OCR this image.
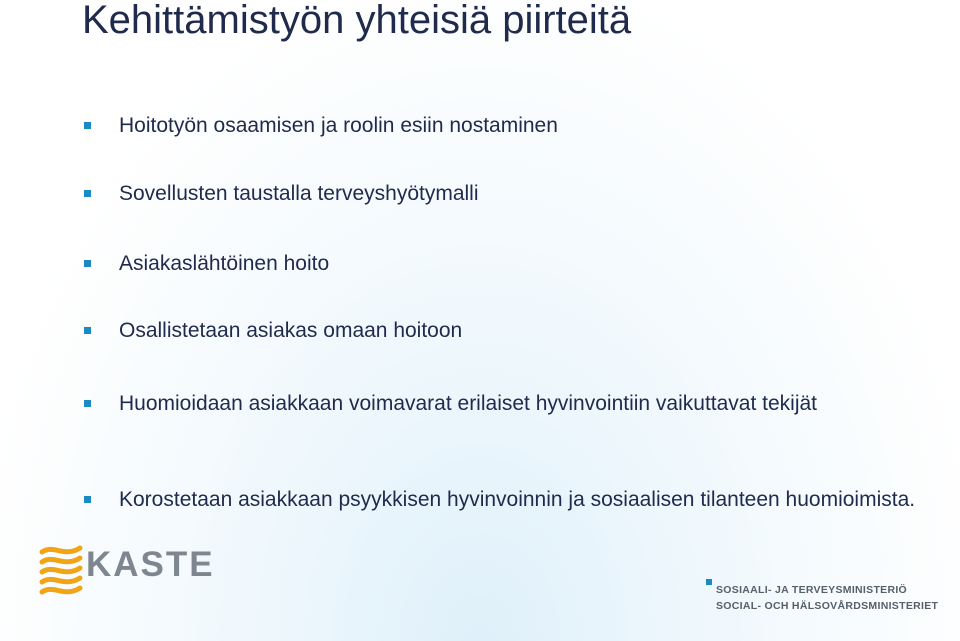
Kehittämistyön yhteisiä piirteitä
Hoitotyön osaamisen ja roolin esiin nostaminen
Sovellusten taustalla terveyshyötymalli
Asiakaslähtöinen hoito
Osallistetaan asiakas omaan hoitoon
Huomioidaan asiakkaan voimavarat erilaiset hyvinvointiin vaikuttavat tekijät
Korostetaan asiakkaan psyykkisen hyvinvoinnin ja sosiaalisen tilanteen huomioimista.
KASTE
SOSIAALI- JA TERVEYSMINISTERIÖ
SOCIAL- OCH HÄLSOVÅRDSMINISTERIET
